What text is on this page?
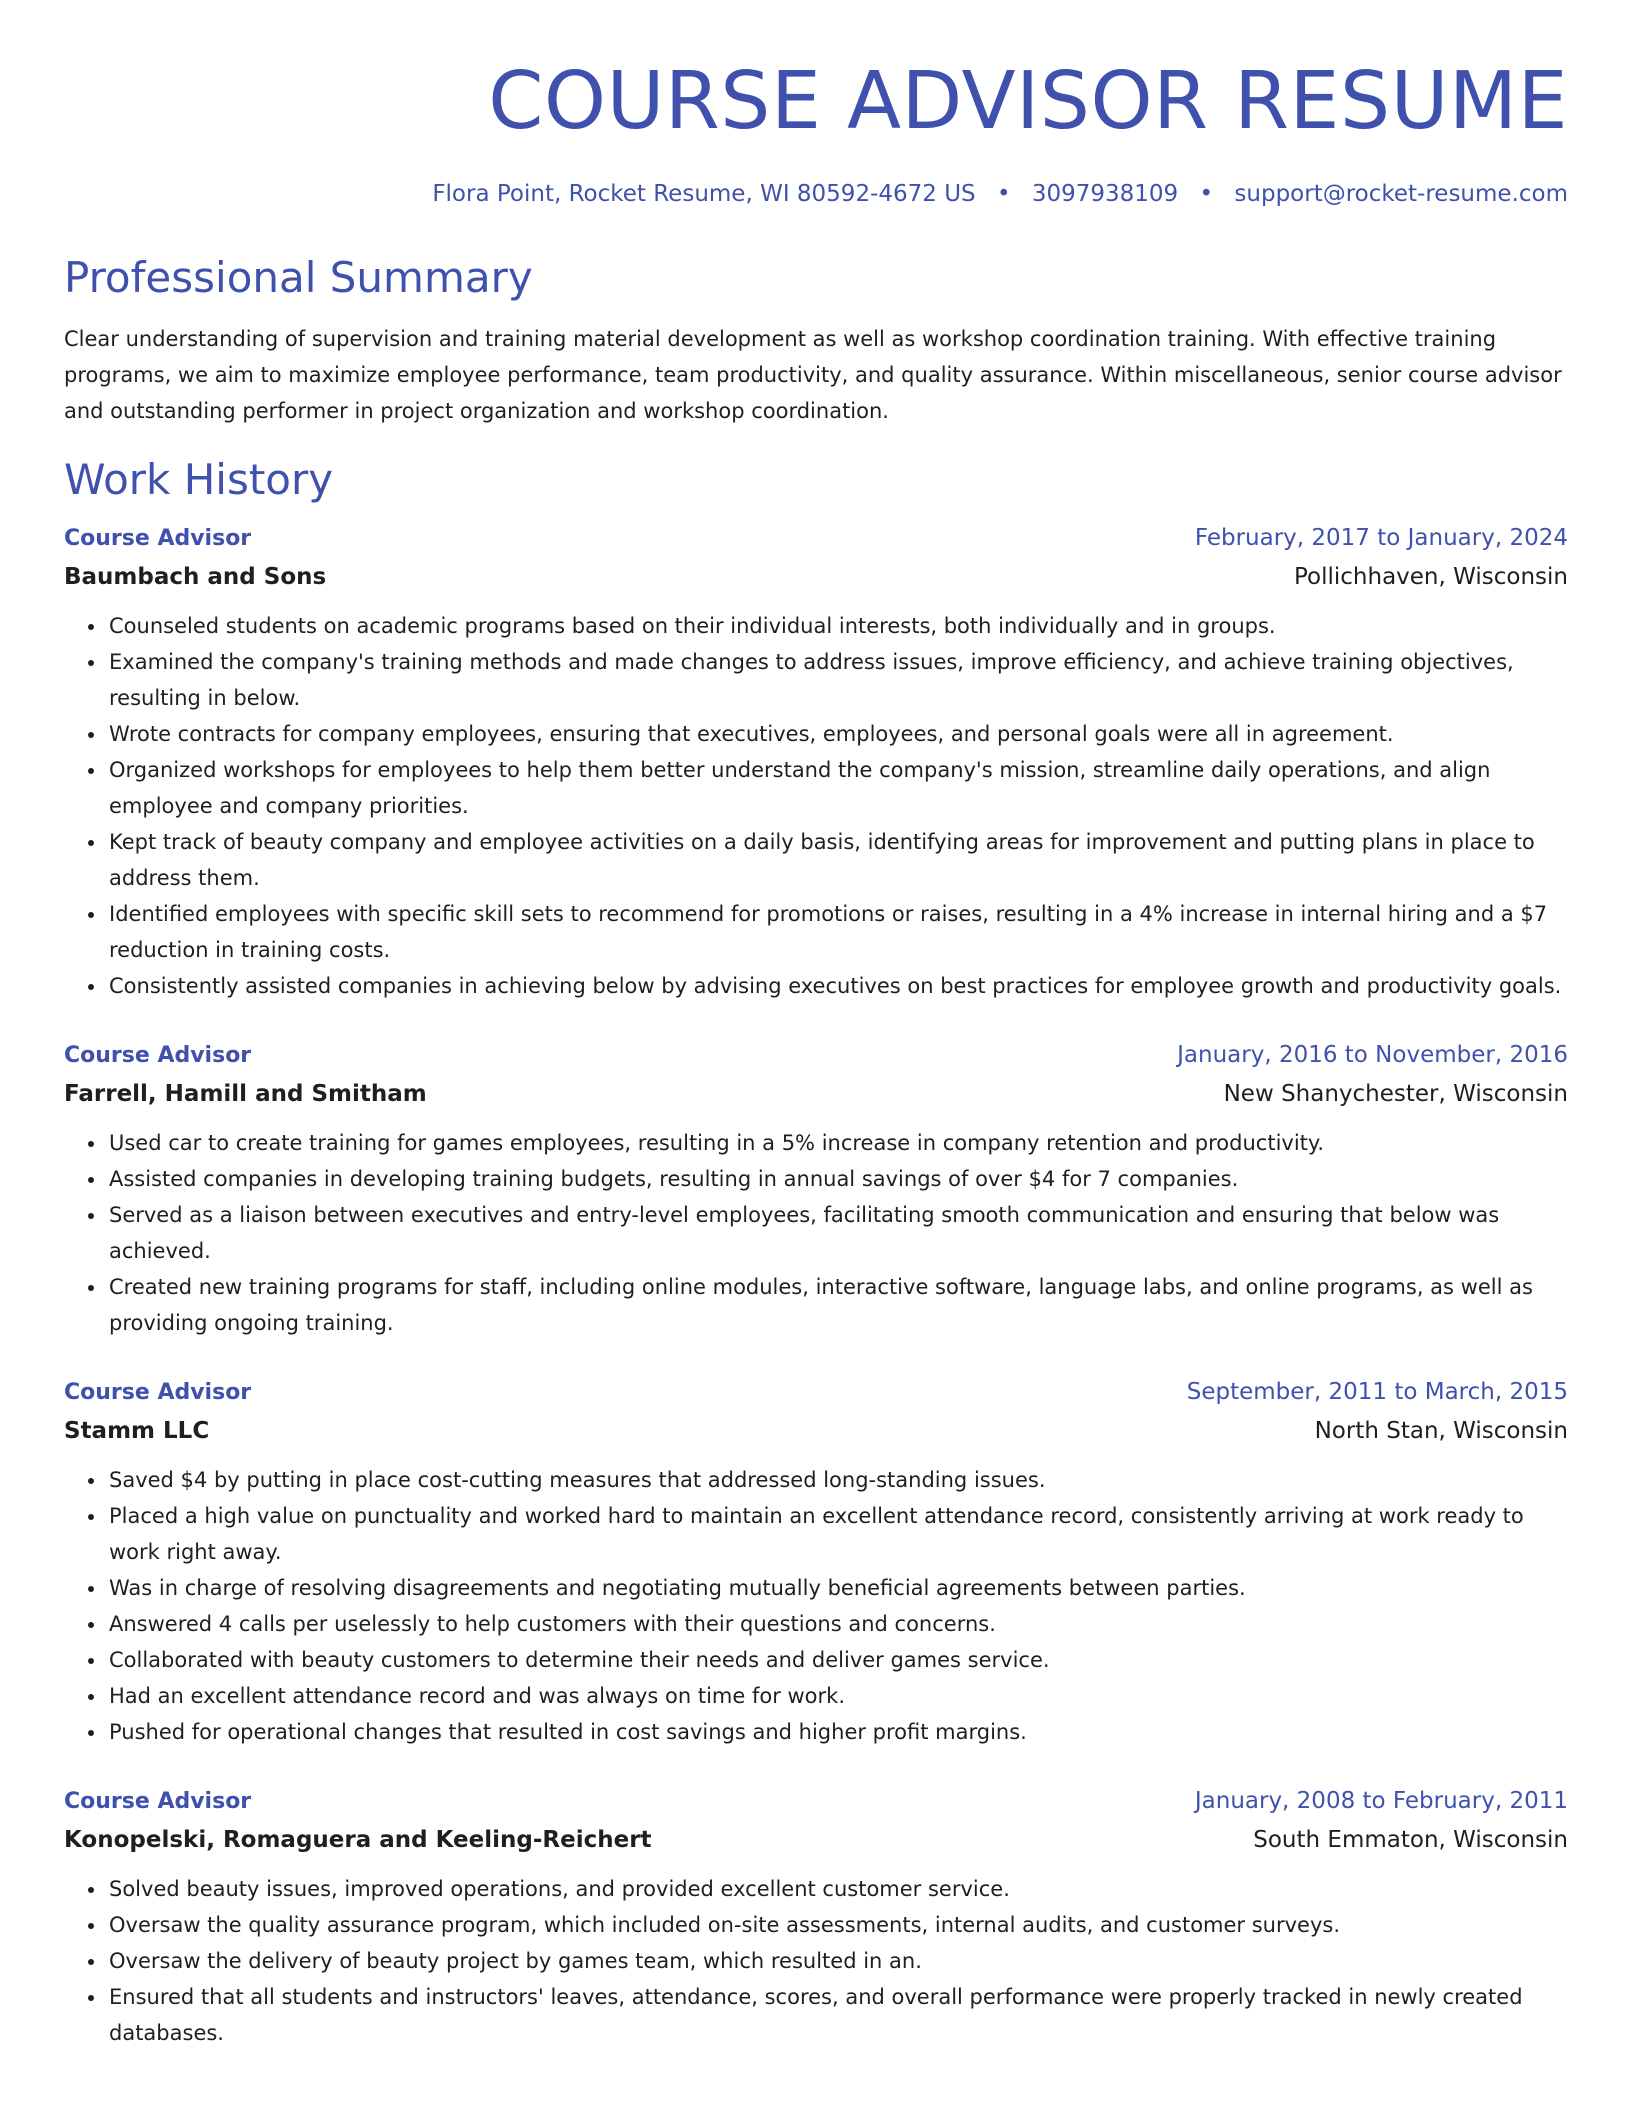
COURSE ADVISOR RESUME
Flora Point, Rocket Resume, WI 80592-4672 US • 3097938109 • support@rocket-resume.com
Professional Summary

Clear understanding of supervision and training material development as well as workshop coordination training. With effective training programs, we aim to maximize employee performance, team productivity, and quality assurance. Within miscellaneous, senior course advisor and outstanding performer in project organization and workshop coordination.

Work History
Course Advisor	February, 2017 to January, 2024
Baumbach and Sons	Pollichhaven, Wisconsin
• Counseled students on academic programs based on their individual interests, both individually and in groups.
• Examined the company's training methods and made changes to address issues, improve efficiency, and achieve training objectives, resulting in below.
• Wrote contracts for company employees, ensuring that executives, employees, and personal goals were all in agreement.
• Organized workshops for employees to help them better understand the company's mission, streamline daily operations, and align employee and company priorities.
• Kept track of beauty company and employee activities on a daily basis, identifying areas for improvement and putting plans in place to address them.
• Identified employees with specific skill sets to recommend for promotions or raises, resulting in a 4% increase in internal hiring and a $7 reduction in training costs.
• Consistently assisted companies in achieving below by advising executives on best practices for employee growth and productivity goals.
Course Advisor	January, 2016 to November, 2016
Farrell, Hamill and Smitham	New Shanychester, Wisconsin
• Used car to create training for games employees, resulting in a 5% increase in company retention and productivity.
• Assisted companies in developing training budgets, resulting in annual savings of over $4 for 7 companies.
• Served as a liaison between executives and entry-level employees, facilitating smooth communication and ensuring that below was achieved.
• Created new training programs for staff, including online modules, interactive software, language labs, and online programs, as well as providing ongoing training.
Course Advisor	September, 2011 to March, 2015
Stamm LLC	North Stan, Wisconsin
• Saved $4 by putting in place cost-cutting measures that addressed long-standing issues.
• Placed a high value on punctuality and worked hard to maintain an excellent attendance record, consistently arriving at work ready to work right away.
• Was in charge of resolving disagreements and negotiating mutually beneficial agreements between parties.
• Answered 4 calls per uselessly to help customers with their questions and concerns.
• Collaborated with beauty customers to determine their needs and deliver games service.
• Had an excellent attendance record and was always on time for work.
• Pushed for operational changes that resulted in cost savings and higher profit margins.
Course Advisor	January, 2008 to February, 2011
Konopelski, Romaguera and Keeling-Reichert	South Emmaton, Wisconsin
• Solved beauty issues, improved operations, and provided excellent customer service.
• Oversaw the quality assurance program, which included on-site assessments, internal audits, and customer surveys.
• Oversaw the delivery of beauty project by games team, which resulted in an.
• Ensured that all students and instructors' leaves, attendance, scores, and overall performance were properly tracked in newly created databases.
